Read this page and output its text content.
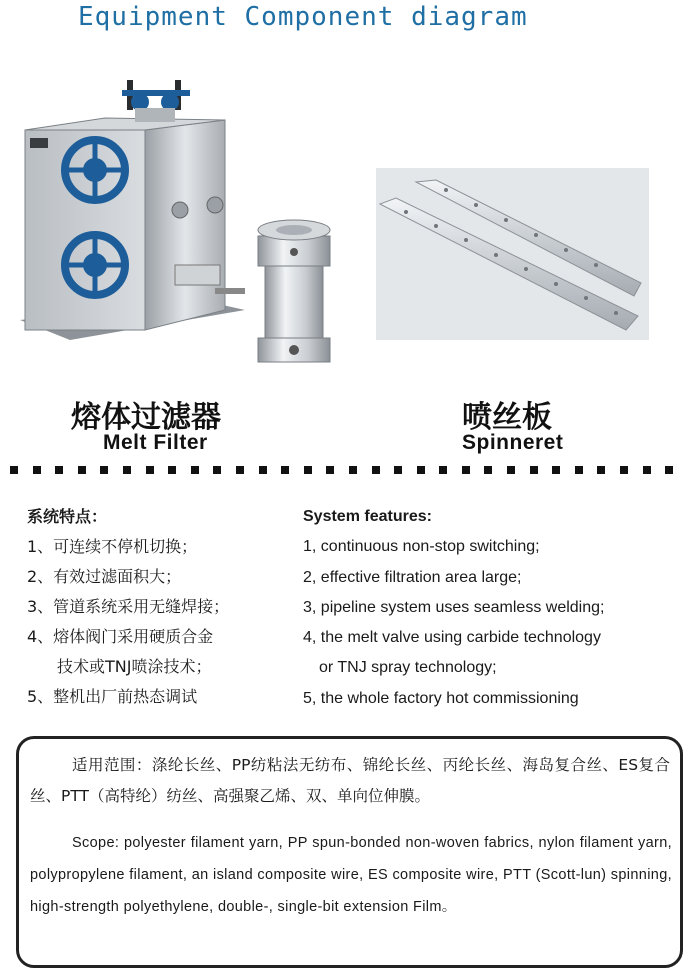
Equipment Component diagram
熔体过滤器
Melt Filter
喷丝板
Spinneret
系统特点：
1、可连续不停机切换；
2、有效过滤面积大；
3、管道系统采用无缝焊接；
4、熔体阀门采用硬质合金
技术或TNJ喷涂技术；
5、整机出厂前热态调试
System features:
1, continuous non-stop switching;
2, effective filtration area large;
3, pipeline system uses seamless welding;
4, the melt valve using carbide technology
or TNJ spray technology;
5, the whole factory hot commissioning
适用范围：涤纶长丝、PP纺粘法无纺布、锦纶长丝、丙纶长丝、海岛复合丝、ES复合丝、PTT（高特纶）纺丝、高强聚乙烯、双、单向位伸膜。
Scope: polyester filament yarn, PP spun-bonded non-woven fabrics, nylon filament yarn, polypropylene filament, an island composite wire, ES composite wire, PTT (Scott-lun) spinning, high-strength polyethylene, double-, single-bit extension Film。
